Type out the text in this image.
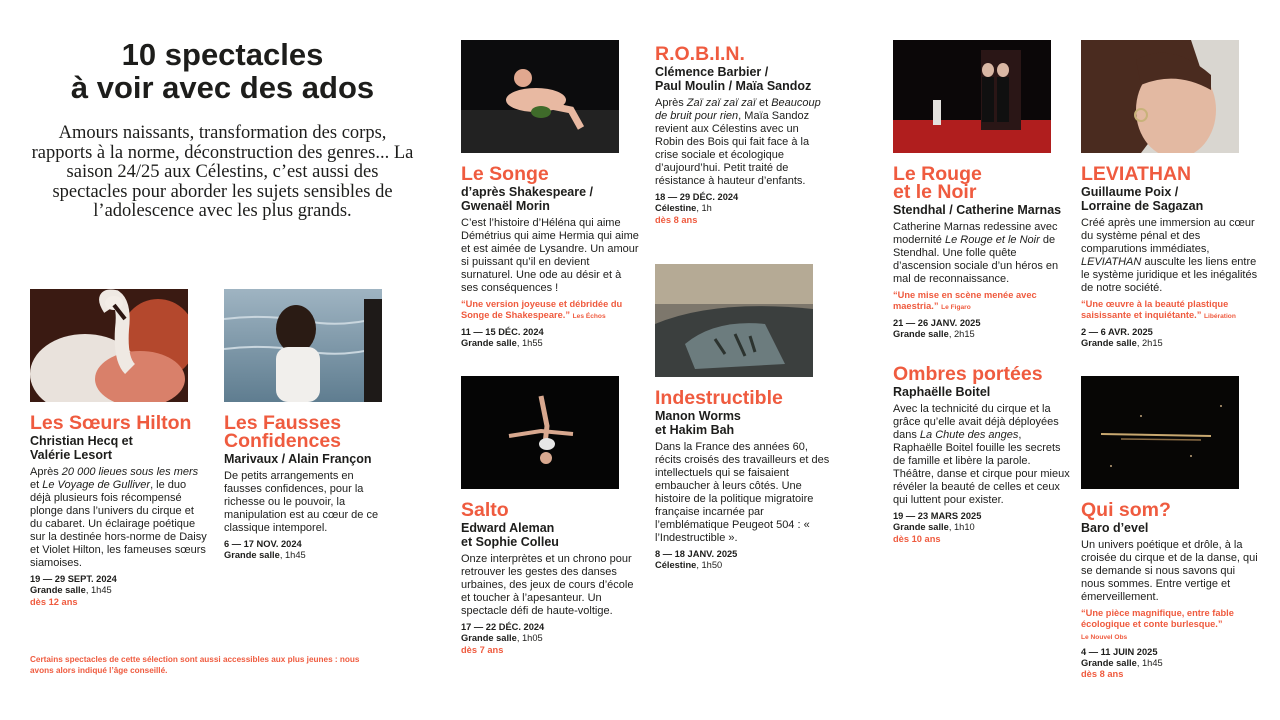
10 spectacles
à voir avec des ados
Amours naissants, transformation des corps, rapports à la norme, déconstruction des genres... La saison 24/25 aux Célestins, c’est aussi des spectacles pour aborder les sujets sensibles de l’adolescence avec les plus grands.
Certains spectacles de cette sélection sont aussi accessibles aux plus jeunes : nous avons alors indiqué l’âge conseillé.
Les Sœurs Hilton
Christian Hecq et Valérie Lesort
Après 20 000 lieues sous les mers et Le Voyage de Gulliver, le duo déjà plusieurs fois récompensé plonge dans l’univers du cirque et du cabaret. Un éclairage poétique sur la destinée hors-norme de Daisy et Violet Hilton, les fameuses sœurs siamoises.
19 — 29 SEPT. 2024
Grande salle, 1h45
dès 12 ans
Les Fausses
Confidences
Marivaux / Alain Françon
De petits arrangements en fausses confidences, pour la richesse ou le pouvoir, la manipulation est au cœur de ce classique intemporel.
6 — 17 NOV. 2024
Grande salle, 1h45
Le Songe
d’après Shakespeare /
Gwenaël Morin
C’est l’histoire d’Héléna qui aime Démétrius qui aime Hermia qui aime et est aimée de Lysandre. Un amour si puissant qu’il en devient surnaturel. Une ode au désir et à ses conséquences !
“Une version joyeuse et débridée du Songe de Shakespeare.” Les Échos
11 — 15 DÉC. 2024
Grande salle, 1h55
Salto
Edward Aleman
et Sophie Colleu
Onze interprètes et un chrono pour retrouver les gestes des danses urbaines, des jeux de cours d’école et toucher à l’apesanteur. Un spectacle défi de haute-voltige.
17 — 22 DÉC. 2024
Grande salle, 1h05
dès 7 ans
R.O.B.I.N.
Clémence Barbier /
Paul Moulin / Maïa Sandoz
Après Zaï zaï zaï zaï et Beaucoup de bruit pour rien, Maïa Sandoz revient aux Célestins avec un Robin des Bois qui fait face à la crise sociale et écologique d’aujourd’hui. Petit traité de résistance à hauteur d’enfants.
18 — 29 DÉC. 2024
Célestine, 1h
dès 8 ans
Indestructible
Manon Worms
et Hakim Bah
Dans la France des années 60, récits croisés des travailleurs et des intellectuels qui se faisaient embaucher à leurs côtés. Une histoire de la politique migratoire française incarnée par l’emblématique Peugeot 504 : « l’Indestructible ».
8 — 18 JANV. 2025
Célestine, 1h50
Le Rouge
et le Noir
Stendhal / Catherine Marnas
Catherine Marnas redessine avec modernité Le Rouge et le Noir de Stendhal. Une folle quête d’ascension sociale d’un héros en mal de reconnaissance.
“Une mise en scène menée avec maestria.” Le Figaro
21 — 26 JANV. 2025
Grande salle, 2h15
Ombres portées
Raphaëlle Boitel
Avec la technicité du cirque et la grâce qu’elle avait déjà déployées dans La Chute des anges, Raphaëlle Boitel fouille les secrets de famille et libère la parole. Théâtre, danse et cirque pour mieux révéler la beauté de celles et ceux qui luttent pour exister.
19 — 23 MARS 2025
Grande salle, 1h10
dès 10 ans
LEVIATHAN
Guillaume Poix /
Lorraine de Sagazan
Créé après une immersion au cœur du système pénal et des comparutions immédiates, LEVIATHAN ausculte les liens entre le système juridique et les inégalités de notre société.
“Une œuvre à la beauté plastique saisissante et inquiétante.” Libération
2 — 6 AVR. 2025
Grande salle, 2h15
Qui som?
Baro d’evel
Un univers poétique et drôle, à la croisée du cirque et de la danse, qui se demande si nous savons qui nous sommes. Entre vertige et émerveillement.
“Une pièce magnifique, entre fable écologique et conte burlesque.”
Le Nouvel Obs
4 — 11 JUIN 2025
Grande salle, 1h45
dès 8 ans
